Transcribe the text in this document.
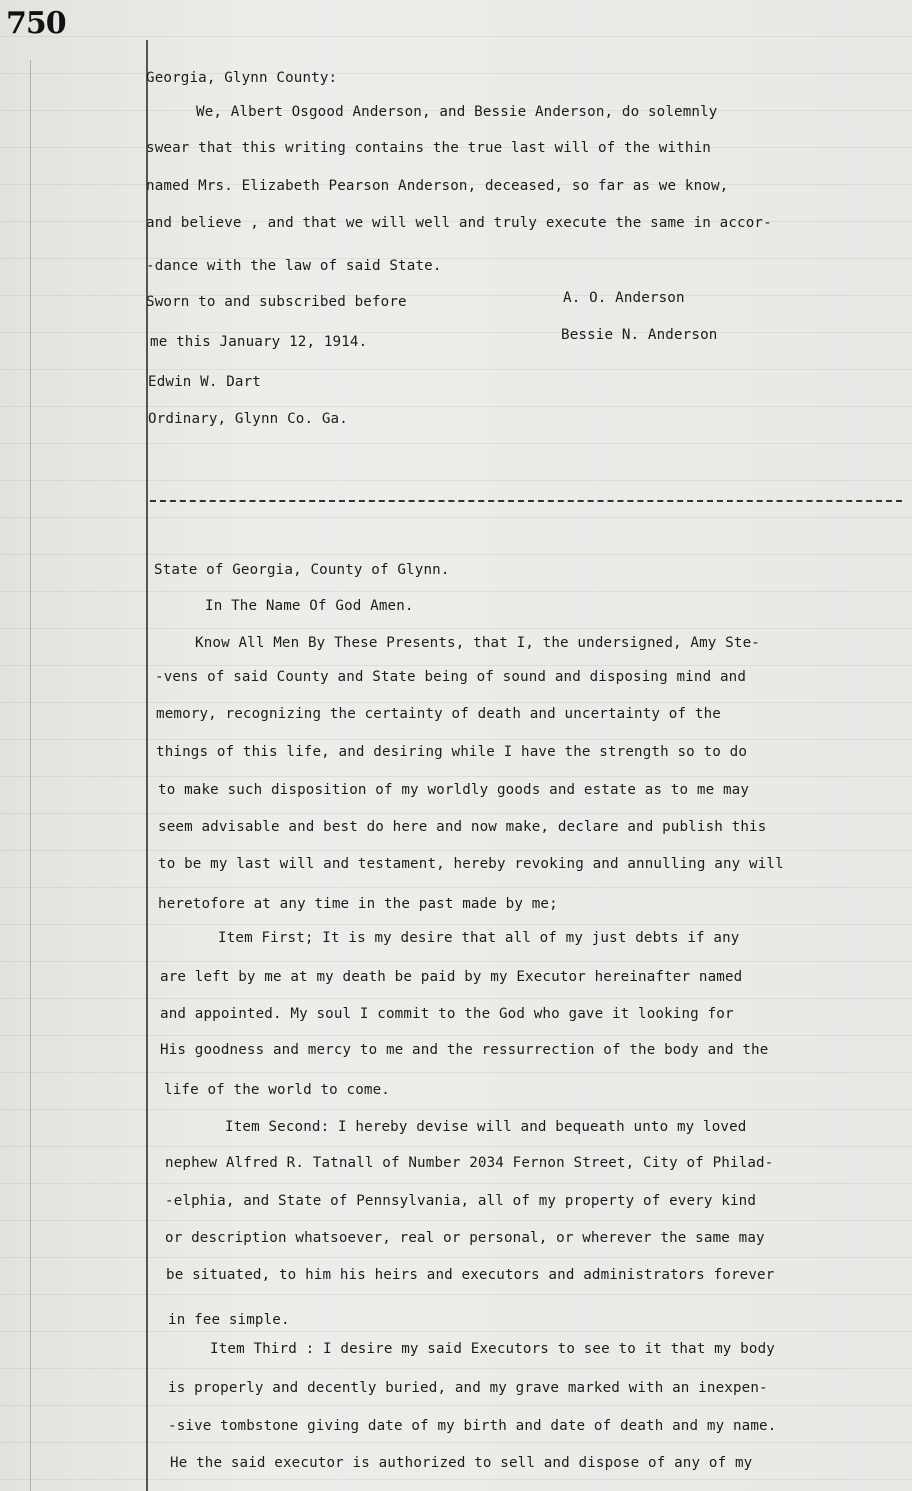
750
Georgia, Glynn County:
We, Albert Osgood Anderson, and Bessie Anderson, do solemnly
swear that this writing contains the true last will of the within
named Mrs. Elizabeth Pearson Anderson, deceased, so far as we know,
and believe , and that we will well and truly execute the same in accor-
-dance with the law of said State.
Sworn to and subscribed before	A. O. Anderson
me this January 12, 1914.	Bessie N. Anderson
Edwin W. Dart
Ordinary, Glynn Co. Ga.
State of Georgia, County of Glynn.
In The Name Of God Amen.
Know All Men By These Presents, that I, the undersigned, Amy Ste-
-vens of said County and State being of sound and disposing mind and
memory, recognizing the certainty of death and uncertainty of the
things of this life, and desiring while I have the strength so to do
to make such disposition of my worldly goods and estate as to me may
seem advisable and best do here and now make, declare and publish this
to be my last will and testament, hereby revoking and annulling any will
heretofore at any time in the past made by me;
Item First; It is my desire that all of my just debts if any
are left by me at my death be paid by my Executor hereinafter named
and appointed. My soul I commit to the God who gave it looking for
His goodness and mercy to me and the ressurrection of the body and the
life of the world to come.
Item Second: I hereby devise will and bequeath unto my loved
nephew Alfred R. Tatnall of Number 2034 Fernon Street, City of Philad-
-elphia, and State of Pennsylvania, all of my property of every kind
or description whatsoever, real or personal, or wherever the same may
be situated, to him his heirs and executors and administrators forever
in fee simple.
Item Third : I desire my said Executors to see to it that my body
is properly and decently buried, and my grave marked with an inexpen-
-sive tombstone giving date of my birth and date of death and my name.
He the said executor is authorized to sell and dispose of any of my
